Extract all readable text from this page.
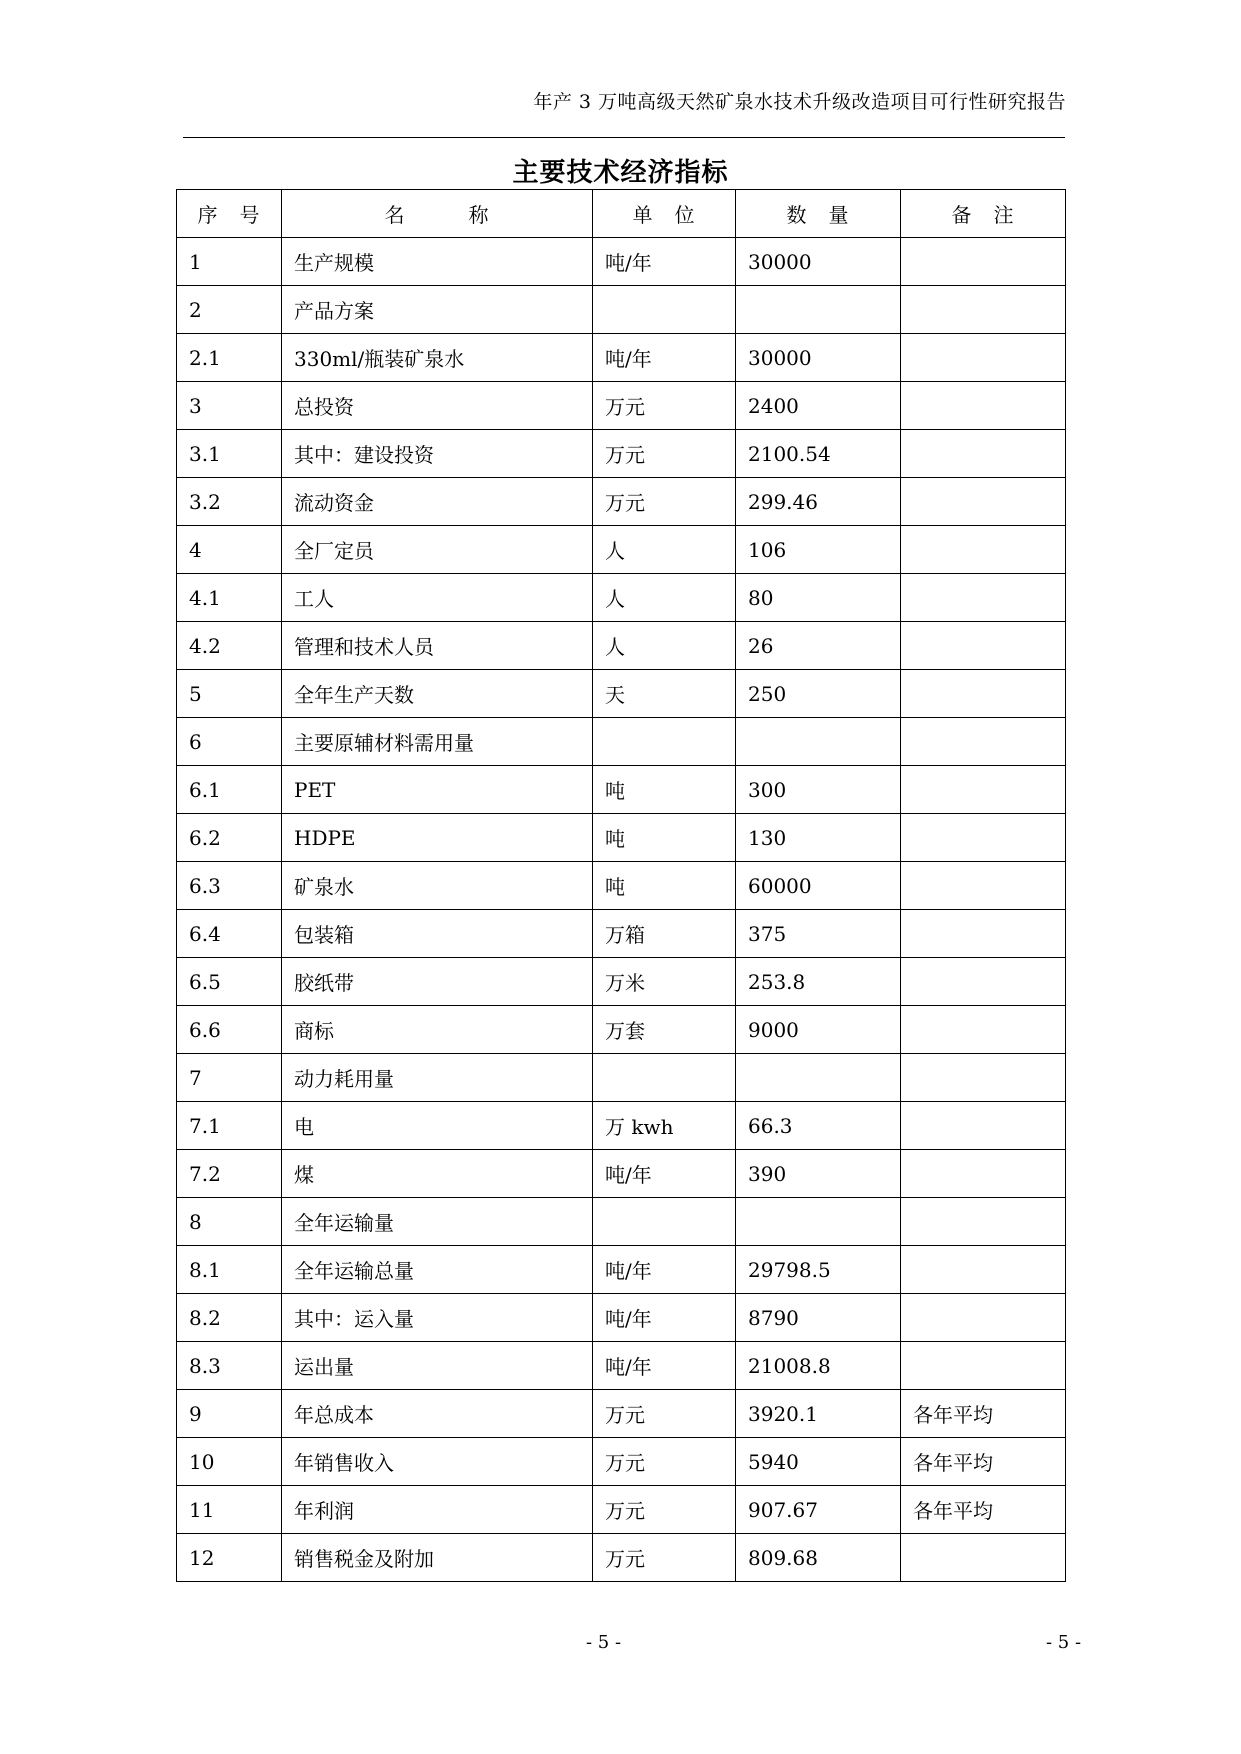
年产 3 万吨高级天然矿泉水技术升级改造项目可行性研究报告
主要技术经济指标
序　号	名　　　称	单　位	数　量	备　注
1	生产规模	吨/年	30000	
2	产品方案			
2.1	330ml/瓶装矿泉水	吨/年	30000	
3	总投资	万元	2400	
3.1	其中：建设投资	万元	2100.54	
3.2	流动资金	万元	299.46	
4	全厂定员	人	106	
4.1	工人	人	80	
4.2	管理和技术人员	人	26	
5	全年生产天数	天	250	
6	主要原辅材料需用量			
6.1	PET	吨	300	
6.2	HDPE	吨	130	
6.3	矿泉水	吨	60000	
6.4	包装箱	万箱	375	
6.5	胶纸带	万米	253.8	
6.6	商标	万套	9000	
7	动力耗用量			
7.1	电	万 kwh	66.3	
7.2	煤	吨/年	390	
8	全年运输量			
8.1	全年运输总量	吨/年	29798.5	
8.2	其中：运入量	吨/年	8790	
8.3	运出量	吨/年	21008.8	
9	年总成本	万元	3920.1	各年平均
10	年销售收入	万元	5940	各年平均
11	年利润	万元	907.67	各年平均
12	销售税金及附加	万元	809.68	
- 5 -	- 5 -
